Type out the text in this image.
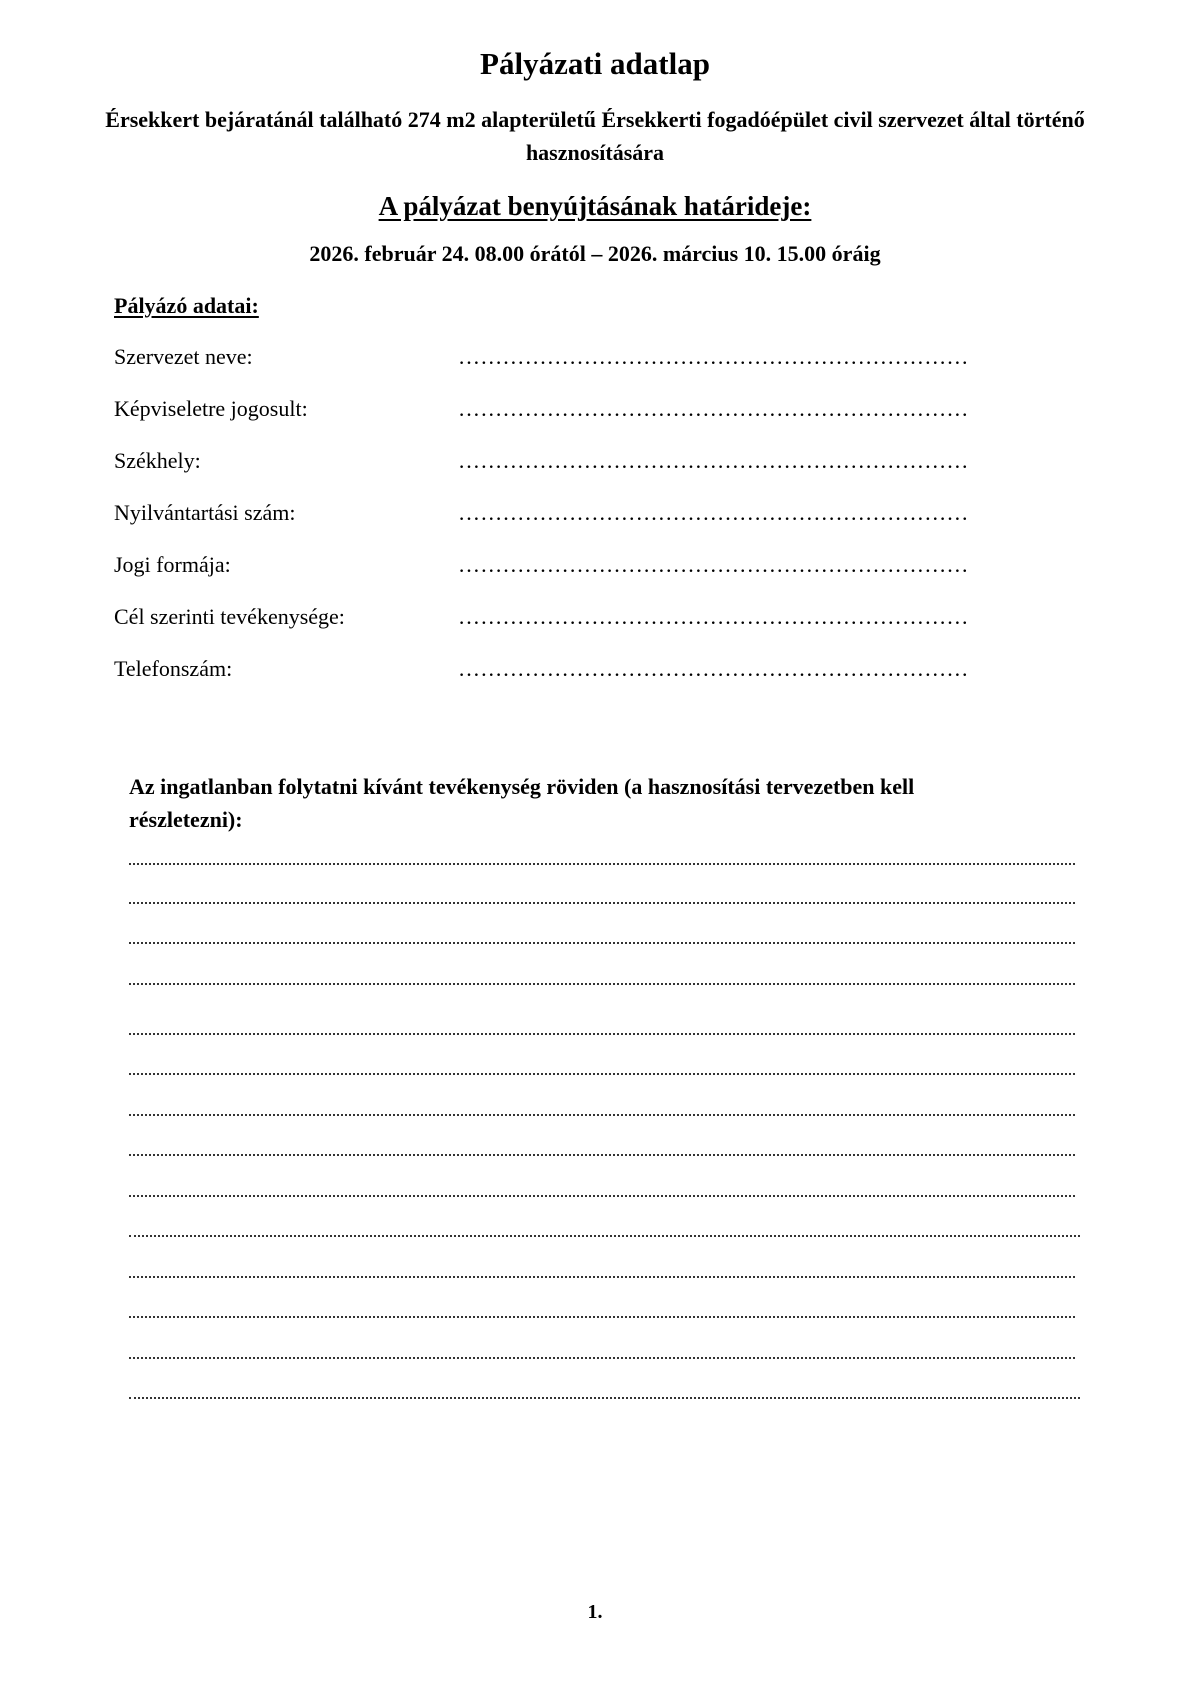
Pályázati adatlap
Érsekkert bejáratánál található 274 m2 alapterületű Érsekkerti fogadóépület civil szervezet által történő hasznosítására
A pályázat benyújtásának határideje:
2026. február 24. 08.00 órától – 2026. március 10. 15.00 óráig
Pályázó adatai:
Szervezet neve:	……………………………………………………………
Képviseletre jogosult:	……………………………………………………………
Székhely:	……………………………………………………………
Nyilvántartási szám:	……………………………………………………………
Jogi formája:	……………………………………………………………
Cél szerinti tevékenysége:	……………………………………………………………
Telefonszám:	……………………………………………………………
Az ingatlanban folytatni kívánt tevékenység röviden (a hasznosítási tervezetben kell részletezni):
1.
